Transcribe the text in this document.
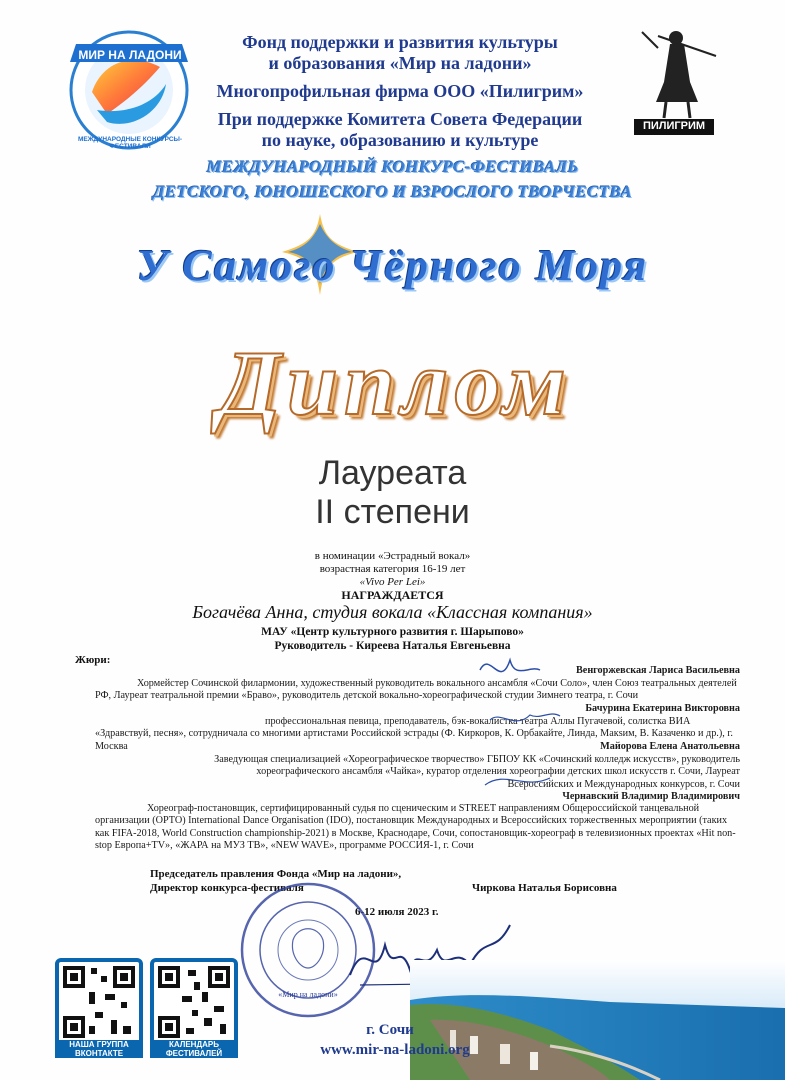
МИР НА ЛАДОНИ
МЕЖДУНАРОДНЫЕ КОНКУРСЫ-ФЕСТИВАЛИ
Фонд поддержки и развития культуры
и образования «Мир на ладони»
Многопрофильная фирма ООО «Пилигрим»
При поддержке Комитета Совета Федерации
по науке, образованию и культуре
ПИЛИГРИМ
МЕЖДУНАРОДНЫЙ КОНКУРС-ФЕСТИВАЛЬ
ДЕТСКОГО, ЮНОШЕСКОГО И ВЗРОСЛОГО ТВОРЧЕСТВА
У Самого Чёрного Моря
Диплом
Лауреата
II степени
в номинации «Эстрадный вокал»
возрастная категория 16-19 лет
«Vivo Per Lei»
НАГРАЖДАЕТСЯ
Богачёва Анна, студия вокала «Классная компания»
МАУ «Центр культурного развития г. Шарыпово»
Руководитель - Киреева Наталья Евгеньевна
Жюри:
Венгоржевская Лариса Васильевна
Хормейстер Сочинской филармонии, художественный руководитель вокального ансамбля «Сочи Соло», член Союз театральных деятелей РФ, Лауреат театральной премии «Браво», руководитель детской вокально-хореографической студии Зимнего театра, г. Сочи
Бачурина Екатерина Викторовна
профессиональная певица, преподаватель, бэк-вокалистка театра Аллы Пугачевой, солистка ВИА «Здравствуй, песня», сотрудничала со многими артистами Российской эстрады (Ф. Киркоров, К. Орбакайте, Линда, Макsим, В. Казаченко и др.), г. Москва	Майорова Елена Анатольевна
Заведующая специализацией «Хореографическое творчество» ГБПОУ КК «Сочинский колледж искусств», руководитель хореографического ансамбля «Чайка», куратор отделения хореографии детских школ искусств г. Сочи, Лауреат Всероссийских и Международных конкурсов, г. Сочи
Чернавский Владимир Владимирович
Хореограф-постановщик, сертифицированный судья по сценическим и STREET направлениям Общероссийской танцевальной организации (ОРТО) International Dance Organisation (IDO), постановщик Международных и Всероссийских торжественных мероприятии (таких как FIFA-2018, World Construction championship-2021) в Москве, Краснодаре, Сочи, сопостановщик-хореограф в телевизионных проектах «Hit non-stop Европа+TV», «ЖАРА на МУЗ ТВ», «NEW WAVE», программе РОССИЯ-1, г. Сочи
Председатель правления Фонда «Мир на ладони»,
Директор конкурса-фестиваля	Чиркова Наталья Борисовна
6-12 июля 2023 г.
«Мир на ладони»
г. Сочи
www.mir-na-ladoni.org
НАША ГРУППА
ВКОНТАКТЕ
КАЛЕНДАРЬ
ФЕСТИВАЛЕЙ
